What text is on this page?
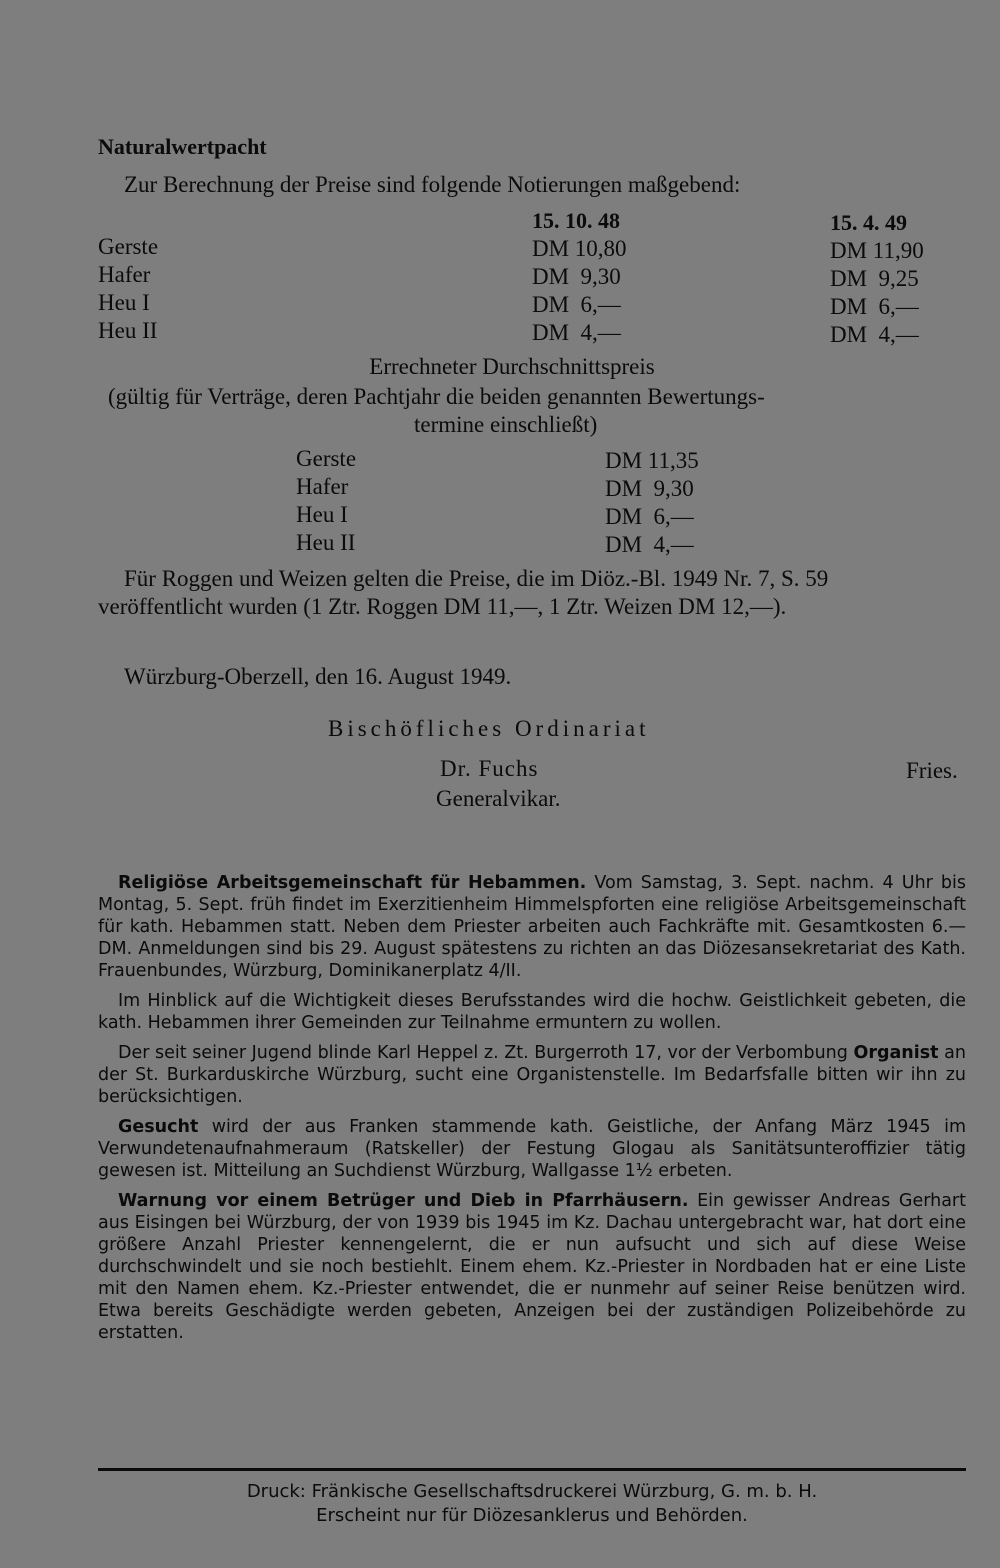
Naturalwertpacht
Zur Berechnung der Preise sind folgende Notierungen maßgebend:
15. 10. 48	15. 4. 49
Gerste	DM 10,80	DM 11,90
Hafer	DM  9,30	DM  9,25
Heu I	DM  6,—	DM  6,—
Heu II	DM  4,—	DM  4,—
Errechneter Durchschnittspreis
(gültig für Verträge, deren Pachtjahr die beiden genannten Bewertungs-
termine einschließt)
Gerste	DM 11,35
Hafer	DM  9,30
Heu I	DM  6,—
Heu II	DM  4,—
Für Roggen und Weizen gelten die Preise, die im Diöz.-Bl. 1949 Nr. 7, S. 59
veröffentlicht wurden (1 Ztr. Roggen DM 11,—, 1 Ztr. Weizen DM 12,—).
Würzburg-Oberzell, den 16. August 1949.
Bischöfliches Ordinariat
Dr. Fuchs	Fries.
Generalvikar.

Religiöse Arbeitsgemeinschaft für Hebammen. Vom Samstag, 3. Sept. nachm. 4 Uhr bis Montag, 5. Sept. früh findet im Exerzitienheim Himmelspforten eine religiöse Arbeitsgemeinschaft für kath. Hebammen statt. Neben dem Priester arbeiten auch Fachkräfte mit. Gesamtkosten 6.— DM. Anmeldungen sind bis 29. August spätestens zu richten an das Diözesansekretariat des Kath. Frauenbundes, Würzburg, Dominikanerplatz 4/II.

Im Hinblick auf die Wichtigkeit dieses Berufsstandes wird die hochw. Geistlichkeit gebeten, die kath. Hebammen ihrer Gemeinden zur Teilnahme ermuntern zu wollen.

Der seit seiner Jugend blinde Karl Heppel z. Zt. Burgerroth 17, vor der Verbombung Organist an der St. Burkarduskirche Würzburg, sucht eine Organistenstelle. Im Bedarfsfalle bitten wir ihn zu berücksichtigen.

Gesucht wird der aus Franken stammende kath. Geistliche, der Anfang März 1945 im Verwundetenaufnahmeraum (Ratskeller) der Festung Glogau als Sanitätsunteroffizier tätig gewesen ist. Mitteilung an Suchdienst Würzburg, Wallgasse 1½ erbeten.

Warnung vor einem Betrüger und Dieb in Pfarrhäusern. Ein gewisser Andreas Gerhart aus Eisingen bei Würzburg, der von 1939 bis 1945 im Kz. Dachau untergebracht war, hat dort eine größere Anzahl Priester kennengelernt, die er nun aufsucht und sich auf diese Weise durchschwindelt und sie noch bestiehlt. Einem ehem. Kz.-Priester in Nordbaden hat er eine Liste mit den Namen ehem. Kz.-Priester entwendet, die er nunmehr auf seiner Reise benützen wird. Etwa bereits Geschädigte werden gebeten, Anzeigen bei der zuständigen Polizeibehörde zu erstatten.

Druck: Fränkische Gesellschaftsdruckerei Würzburg, G. m. b. H.
Erscheint nur für Diözesanklerus und Behörden.
